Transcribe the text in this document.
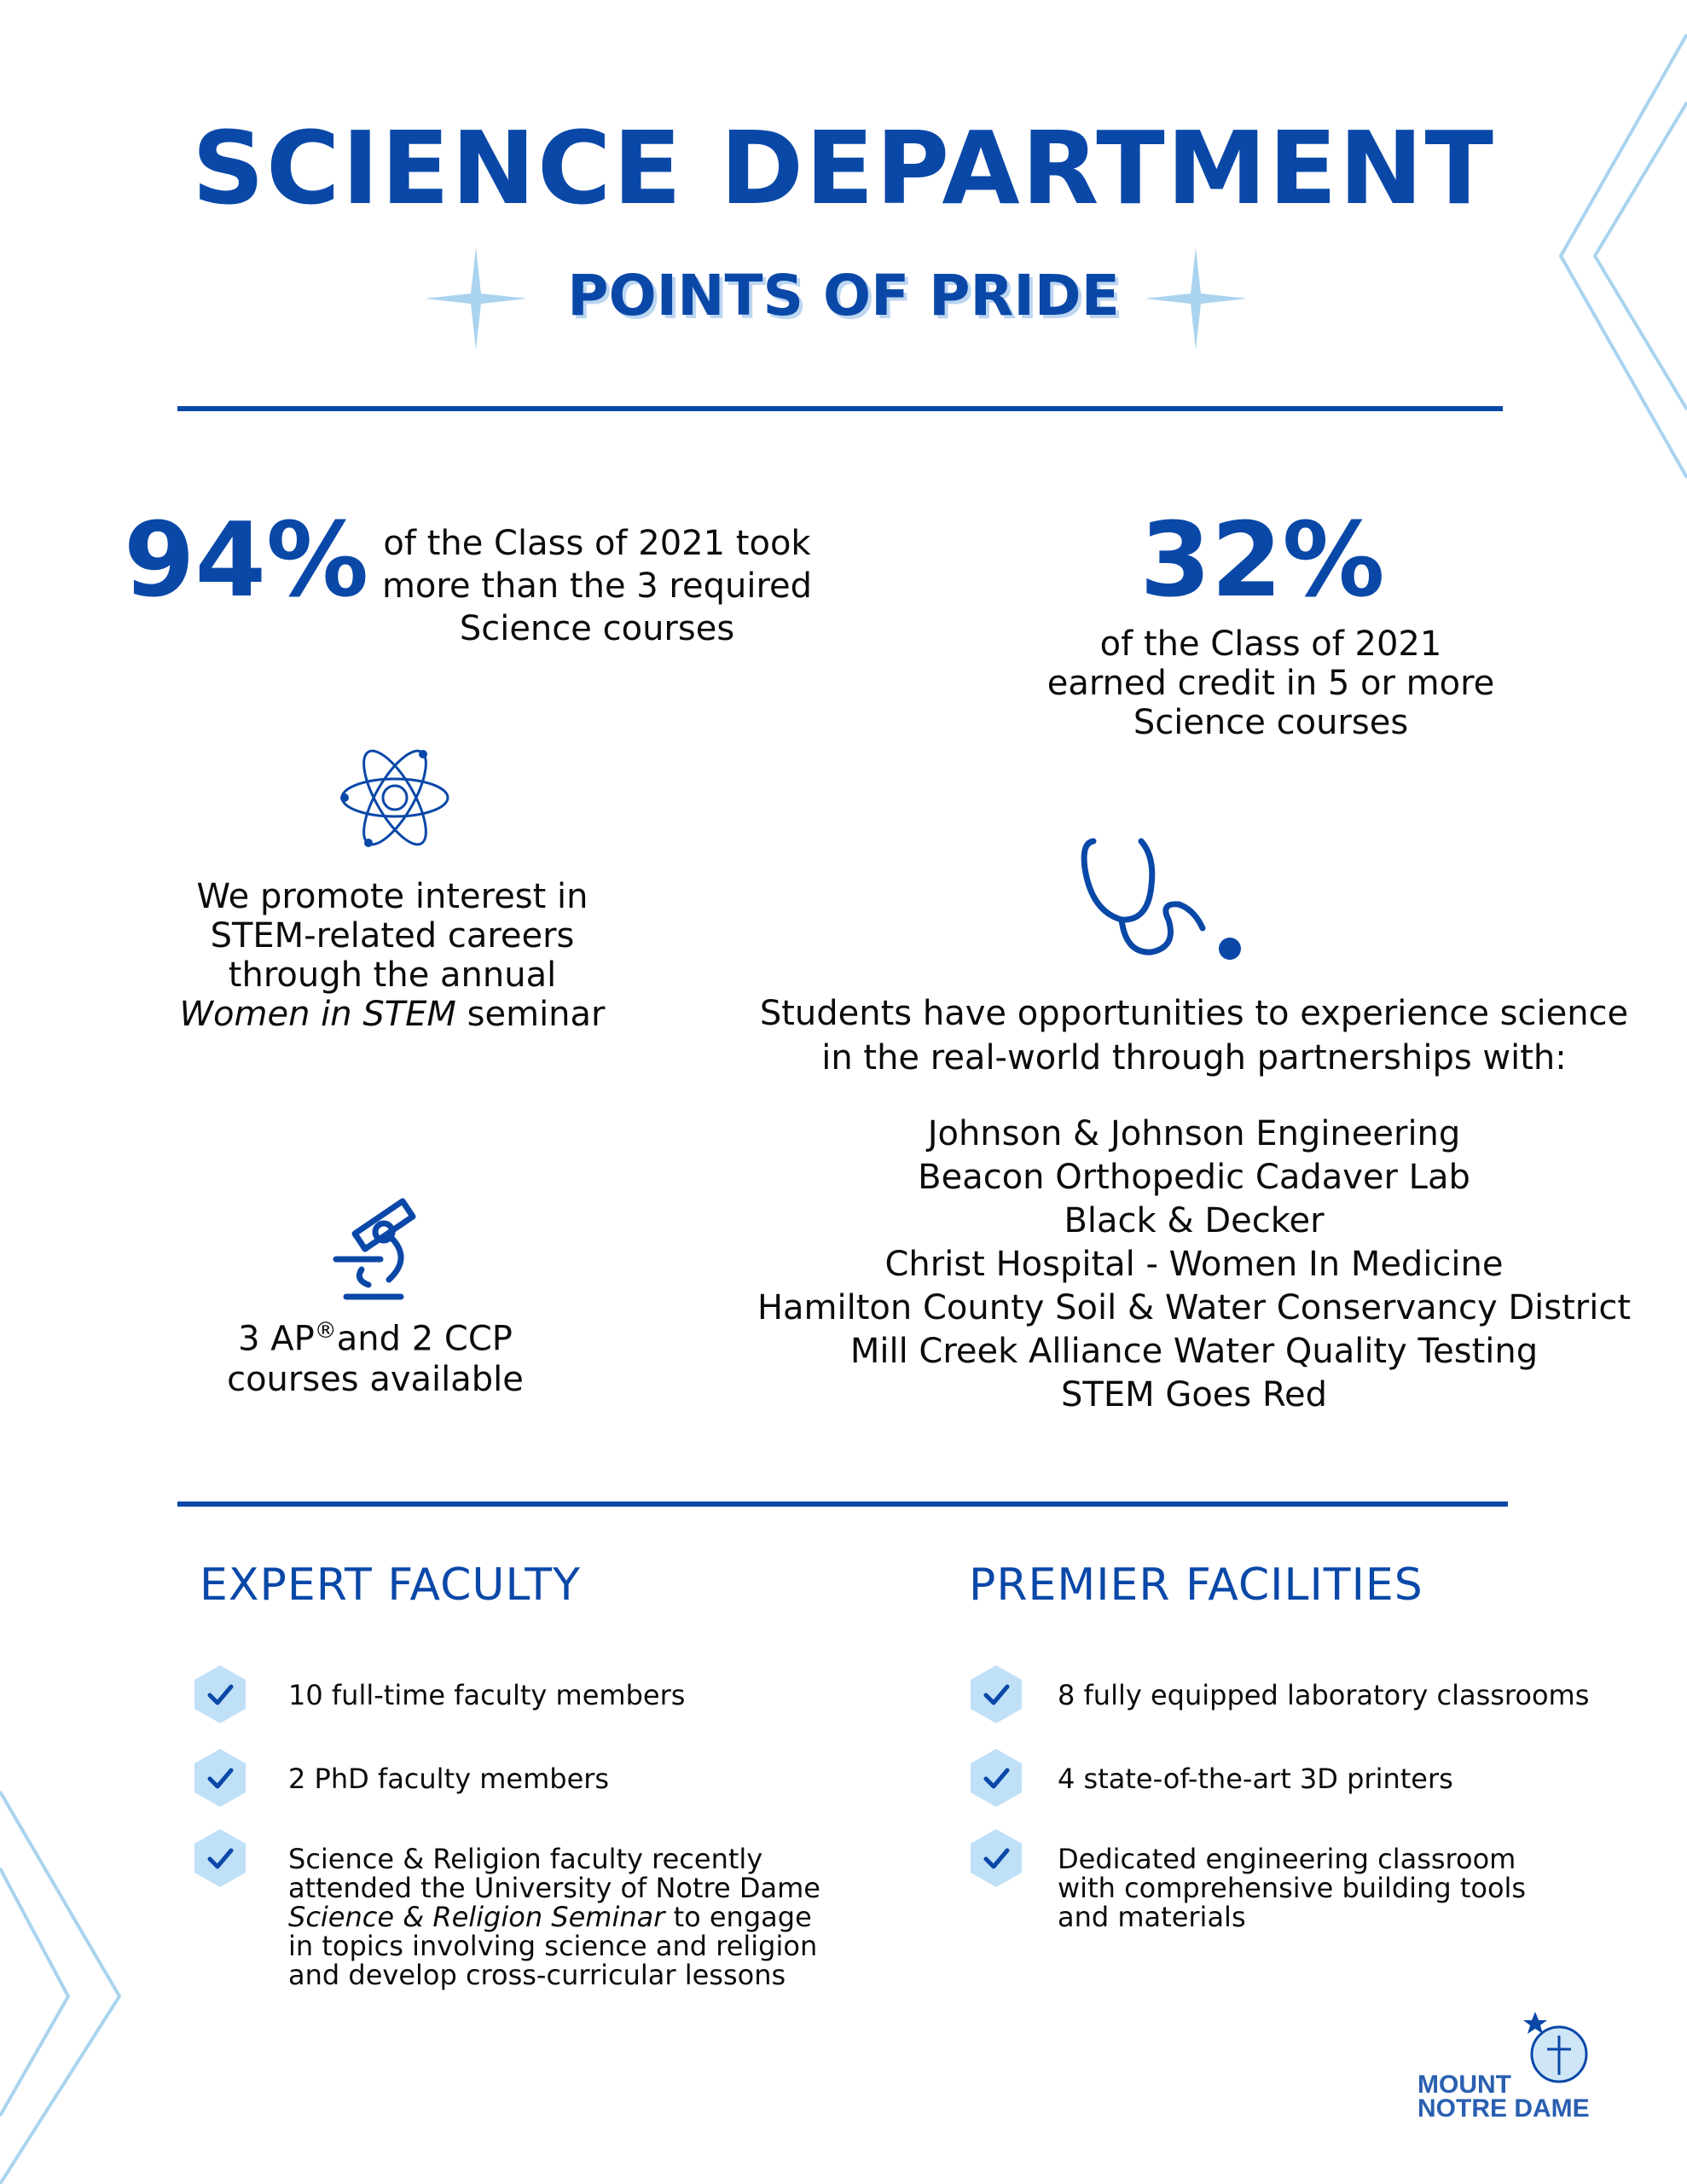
SCIENCE DEPARTMENT
POINTS OF PRIDE
94% of the Class of 2021 took
more than the 3 required
Science courses
32%
of the Class of 2021
earned credit in 5 or more
Science courses
We promote interest in
STEM-related careers
through the annual
Women in STEM seminar	Students have opportunities to experience science
in the real-world through partnerships with:
Johnson & Johnson Engineering
Beacon Orthopedic Cadaver Lab
Black & Decker
Christ Hospital - Women In Medicine
Hamilton County Soil & Water Conservancy District
Mill Creek Alliance Water Quality Testing
STEM Goes Red
3 AP®and 2 CCP
courses available
EXPERT FACULTY
10 full-time faculty members
2 PhD faculty members
Science & Religion faculty recently
attended the University of Notre Dame
Science & Religion Seminar to engage
in topics involving science and religion
and develop cross-curricular lessons
PREMIER FACILITIES
8 fully equipped laboratory classrooms
4 state-of-the-art 3D printers
Dedicated engineering classroom
with comprehensive building tools
and materials
MOUNT
NOTRE DAME
